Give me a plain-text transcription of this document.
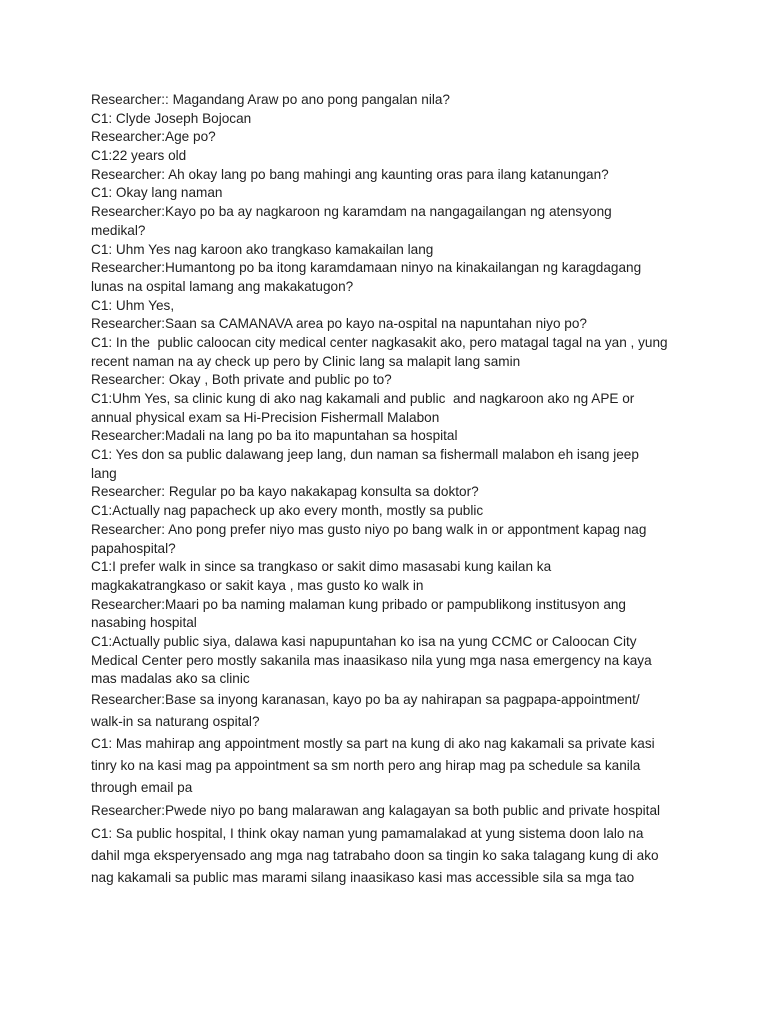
Researcher:: Magandang Araw po ano pong pangalan nila?
C1: Clyde Joseph Bojocan
Researcher:Age po?
C1:22 years old
Researcher: Ah okay lang po bang mahingi ang kaunting oras para ilang katanungan?
C1: Okay lang naman
Researcher:Kayo po ba ay nagkaroon ng karamdam na nangagailangan ng atensyong
medikal?
C1: Uhm Yes nag karoon ako trangkaso kamakailan lang
Researcher:Humantong po ba itong karamdamaan ninyo na kinakailangan ng karagdagang
lunas na ospital lamang ang makakatugon?
C1: Uhm Yes,
Researcher:Saan sa CAMANAVA area po kayo na-ospital na napuntahan niyo po?
C1: In the  public caloocan city medical center nagkasakit ako, pero matagal tagal na yan , yung
recent naman na ay check up pero by Clinic lang sa malapit lang samin
Researcher: Okay , Both private and public po to?
C1:Uhm Yes, sa clinic kung di ako nag kakamali and public  and nagkaroon ako ng APE or
annual physical exam sa Hi-Precision Fishermall Malabon
Researcher:Madali na lang po ba ito mapuntahan sa hospital
C1: Yes don sa public dalawang jeep lang, dun naman sa fishermall malabon eh isang jeep
lang
Researcher: Regular po ba kayo nakakapag konsulta sa doktor?
C1:Actually nag papacheck up ako every month, mostly sa public
Researcher: Ano pong prefer niyo mas gusto niyo po bang walk in or appontment kapag nag
papahospital?
C1:I prefer walk in since sa trangkaso or sakit dimo masasabi kung kailan ka
magkakatrangkaso or sakit kaya , mas gusto ko walk in
Researcher:Maari po ba naming malaman kung pribado or pampublikong institusyon ang
nasabing hospital
C1:Actually public siya, dalawa kasi napupuntahan ko isa na yung CCMC or Caloocan City
Medical Center pero mostly sakanila mas inaasikaso nila yung mga nasa emergency na kaya
mas madalas ako sa clinic
Researcher:Base sa inyong karanasan, kayo po ba ay nahirapan sa pagpapa-appointment/
walk-in sa naturang ospital?
C1: Mas mahirap ang appointment mostly sa part na kung di ako nag kakamali sa private kasi
tinry ko na kasi mag pa appointment sa sm north pero ang hirap mag pa schedule sa kanila
through email pa
Researcher:Pwede niyo po bang malarawan ang kalagayan sa both public and private hospital
C1: Sa public hospital, I think okay naman yung pamamalakad at yung sistema doon lalo na
dahil mga eksperyensado ang mga nag tatrabaho doon sa tingin ko saka talagang kung di ako
nag kakamali sa public mas marami silang inaasikaso kasi mas accessible sila sa mga tao
